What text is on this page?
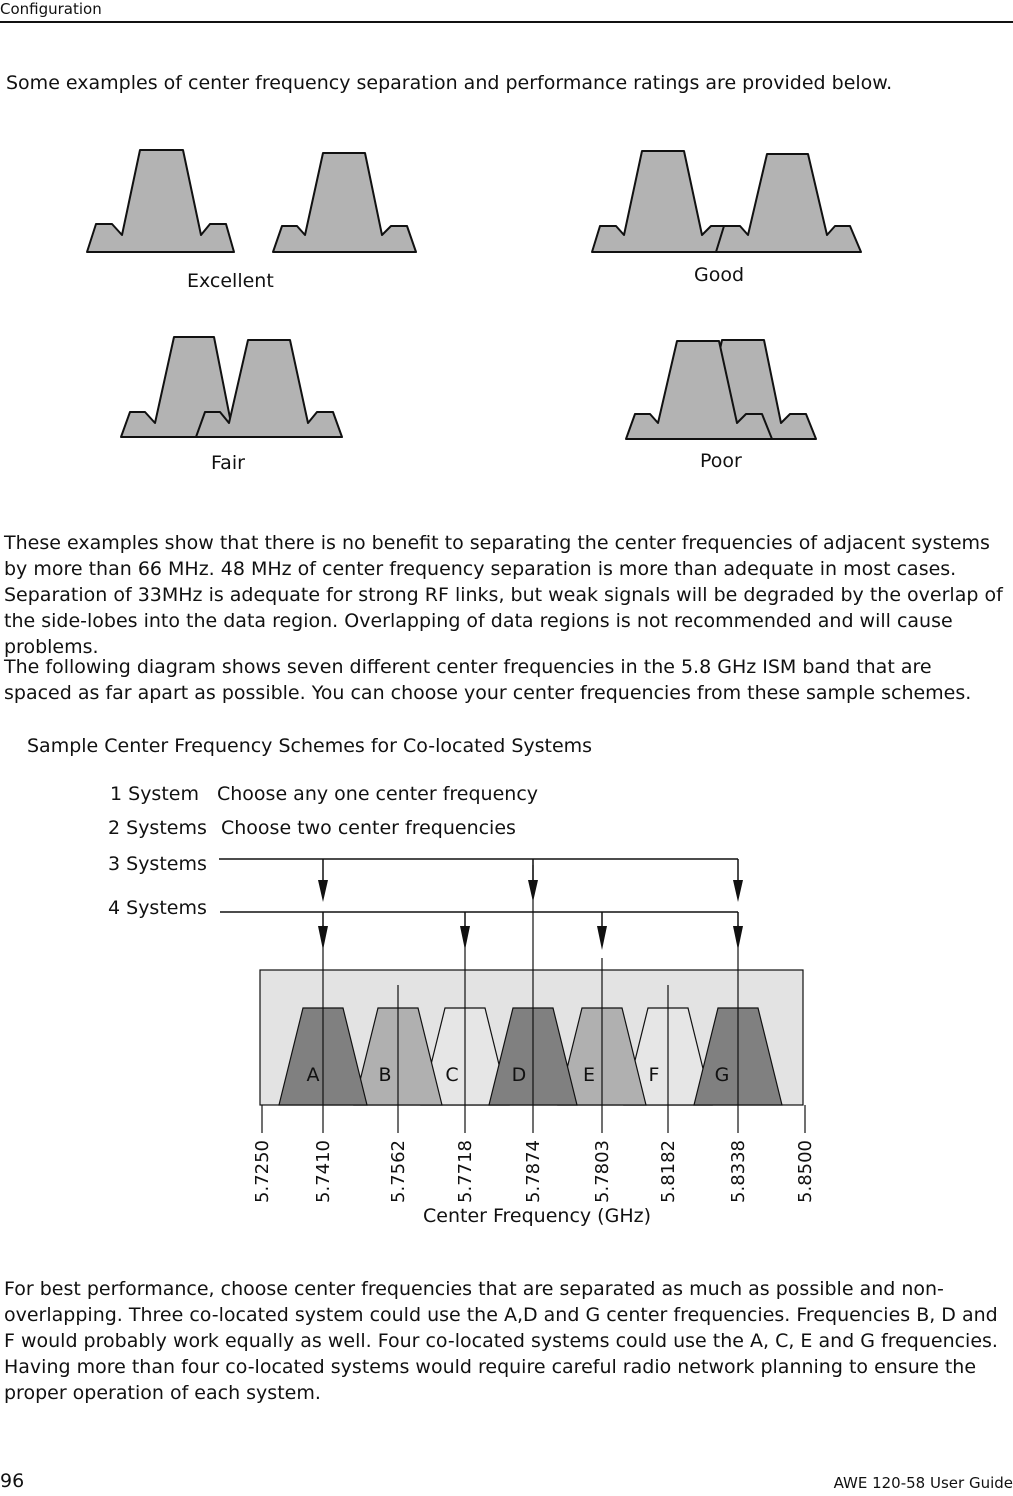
Configuration

Some examples of center frequency separation and performance ratings are provided below.

Excellent	Good
Fair	Poor

These examples show that there is no benefit to separating the center frequencies of adjacent systems by more than 66 MHz. 48 MHz of center frequency separation is more than adequate in most cases. Separation of 33MHz is adequate for strong RF links, but weak signals will be degraded by the overlap of the side-lobes into the data region. Overlapping of data regions is not recommended and will cause problems.

The following diagram shows seven different center frequencies in the 5.8 GHz ISM band that are spaced as far apart as possible. You can choose your center frequencies from these sample schemes.

Sample Center Frequency Schemes for Co-located Systems
1 System Choose any one center frequency
2 Systems Choose two center frequencies
3 Systems
4 Systems
A	B	C	D	E	F	G
5.7250 5.7410	5.7562	5.7718	5.7874	5.7803	5.8182	5.8338	5.8500
Center Frequency (GHz)

For best performance, choose center frequencies that are separated as much as possible and non-overlapping. Three co-located system could use the A,D and G center frequencies. Frequencies B, D and F would probably work equally as well. Four co-located systems could use the A, C, E and G frequencies. Having more than four co-located systems would require careful radio network planning to ensure the proper operation of each system.

96	AWE 120-58 User Guide
